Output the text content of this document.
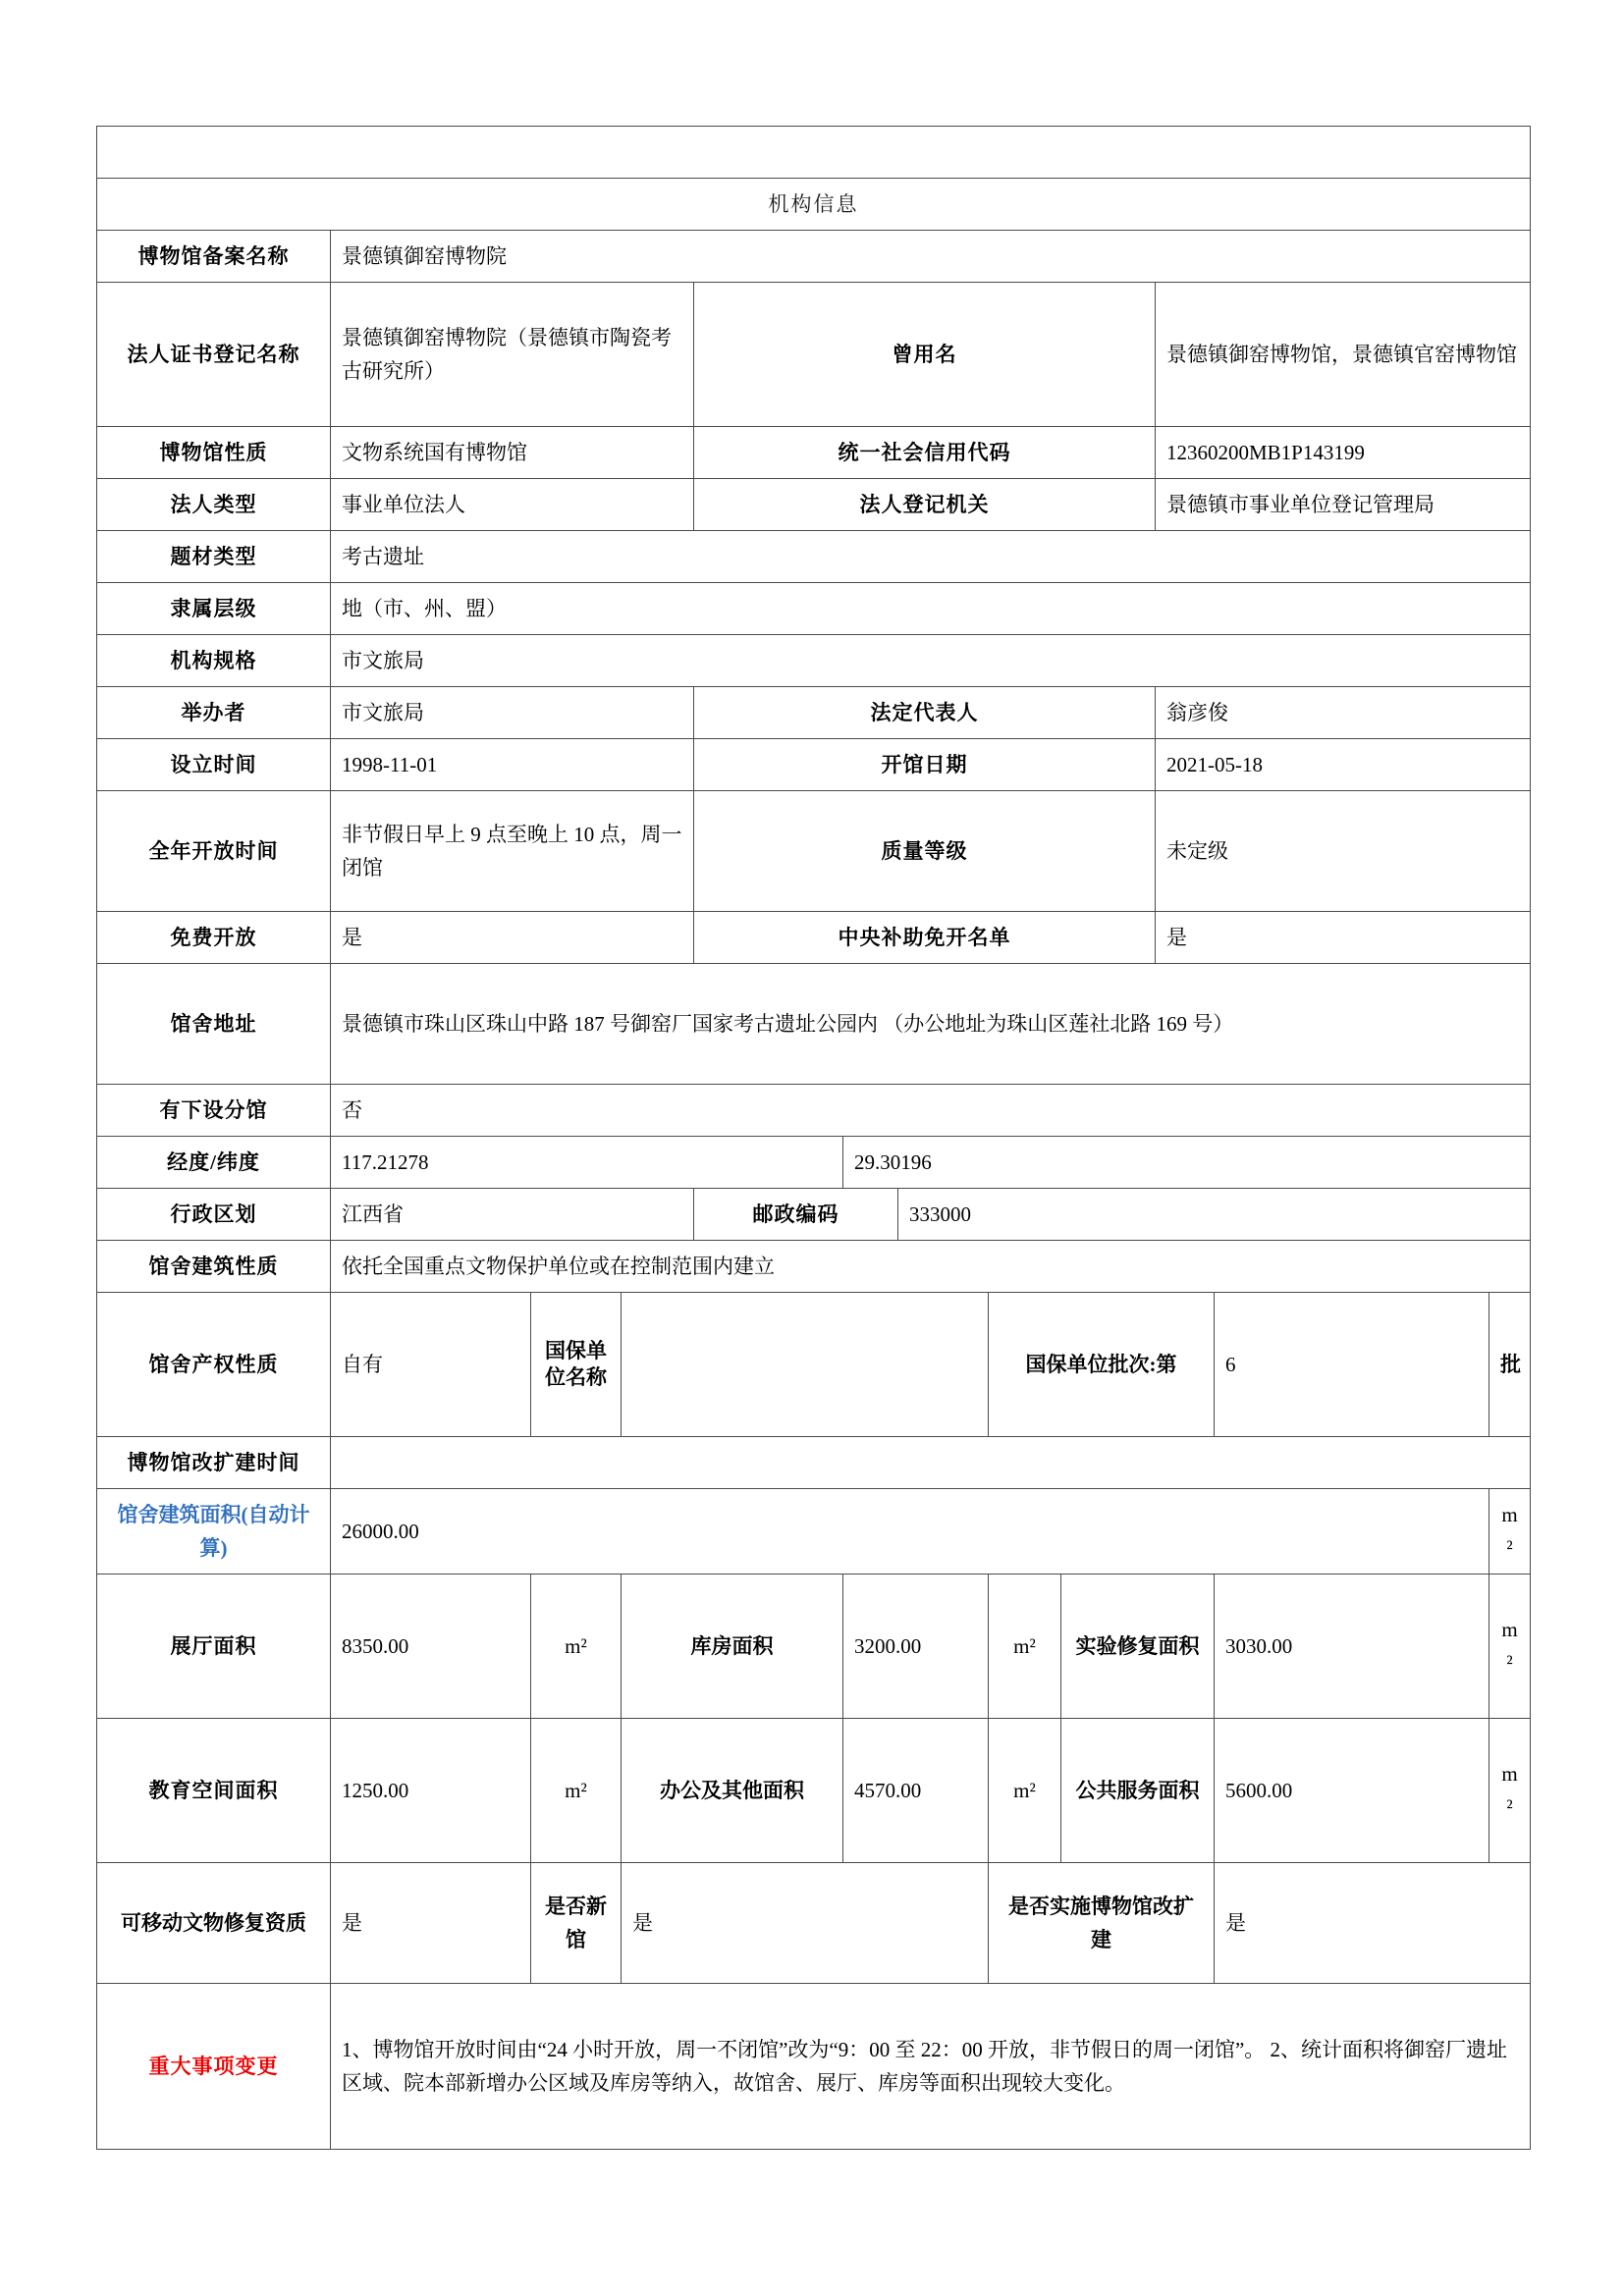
年报基本信息											
机构信息											
博物馆备案名称	景德镇御窑博物院										
法人证书登记名称	景德镇御窑博物院（景德镇市陶瓷考古研究所）			曾用名					景德镇御窑博物馆，景德镇官窑博物馆		
博物馆性质	文物系统国有博物馆			统一社会信用代码					12360200MB1P143199		
法人类型	事业单位法人			法人登记机关					景德镇市事业单位登记管理局		
题材类型	考古遗址										
隶属层级	地（市、州、盟）										
机构规格	市文旅局										
举办者	市文旅局			法定代表人					翁彦俊		
设立时间	1998-11-01			开馆日期					2021-05-18		
全年开放时间	非节假日早上 9 点至晚上 10 点，周一闭馆			质量等级					未定级		
免费开放	是			中央补助免开名单					是		
馆舍地址	景德镇市珠山区珠山中路 187 号御窑厂国家考古遗址公园内 （办公地址为珠山区莲社北路 169 号）										
有下设分馆	否										
经度/纬度	117.21278				29.30196						
行政区划	江西省			邮政编码		333000					
馆舍建筑性质	依托全国重点文物保护单位或在控制范围内建立										
馆舍产权性质	自有	国保单位名称					国保单位批次:第			6	批
博物馆改扩建时间											
馆舍建筑面积(自动计算)	26000.00										m²
展厅面积	8350.00	m²	库房面积		3200.00		m²	实验修复面积		3030.00	m²
教育空间面积	1250.00	m²	办公及其他面积		4570.00		m²	公共服务面积		5600.00	m²
可移动文物修复资质	是	是否新馆	是				是否实施博物馆改扩建			是	
重大事项变更	1、博物馆开放时间由“24 小时开放，周一不闭馆”改为“9：00 至 22：00 开放，非节假日的周一闭馆”。 2、统计面积将御窑厂遗址区域、院本部新增办公区域及库房等纳入，故馆舍、展厅、库房等面积出现较大变化。										
